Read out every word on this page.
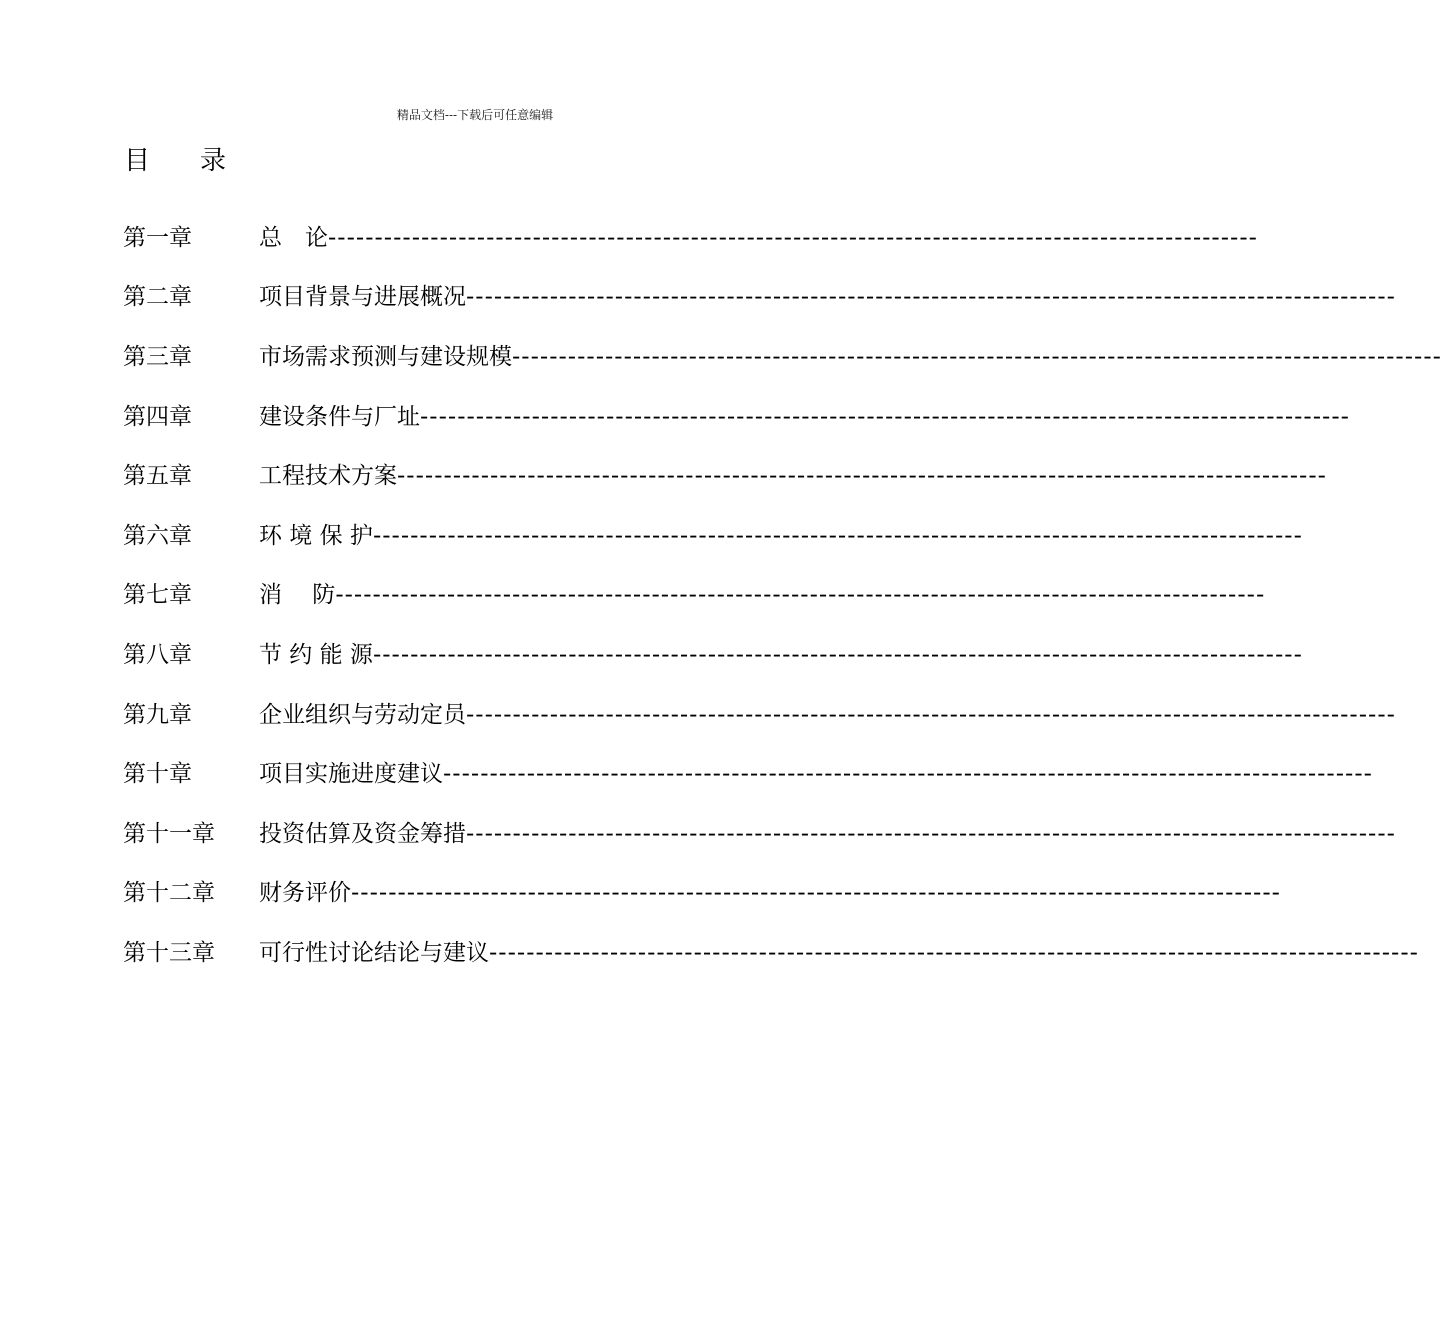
精品文档---下载后可任意编辑
目录
第一章	总　论 ----------------------------------------------------------------------------------------------------
第二章	项目背景与进展概况 ----------------------------------------------------------------------------------------------------
第三章	市场需求预测与建设规模 ----------------------------------------------------------------------------------------------------
第四章	建设条件与厂址 ----------------------------------------------------------------------------------------------------
第五章	工程技术方案 ----------------------------------------------------------------------------------------------------
第六章	环 境 保 护 ----------------------------------------------------------------------------------------------------
第七章	消　 防 ----------------------------------------------------------------------------------------------------
第八章	节 约 能 源 ----------------------------------------------------------------------------------------------------
第九章	企业组织与劳动定员 ----------------------------------------------------------------------------------------------------
第十章	项目实施进度建议 ----------------------------------------------------------------------------------------------------
第十一章	投资估算及资金筹措 ----------------------------------------------------------------------------------------------------
第十二章	财务评价 ----------------------------------------------------------------------------------------------------
第十三章	可行性讨论结论与建议 ----------------------------------------------------------------------------------------------------
